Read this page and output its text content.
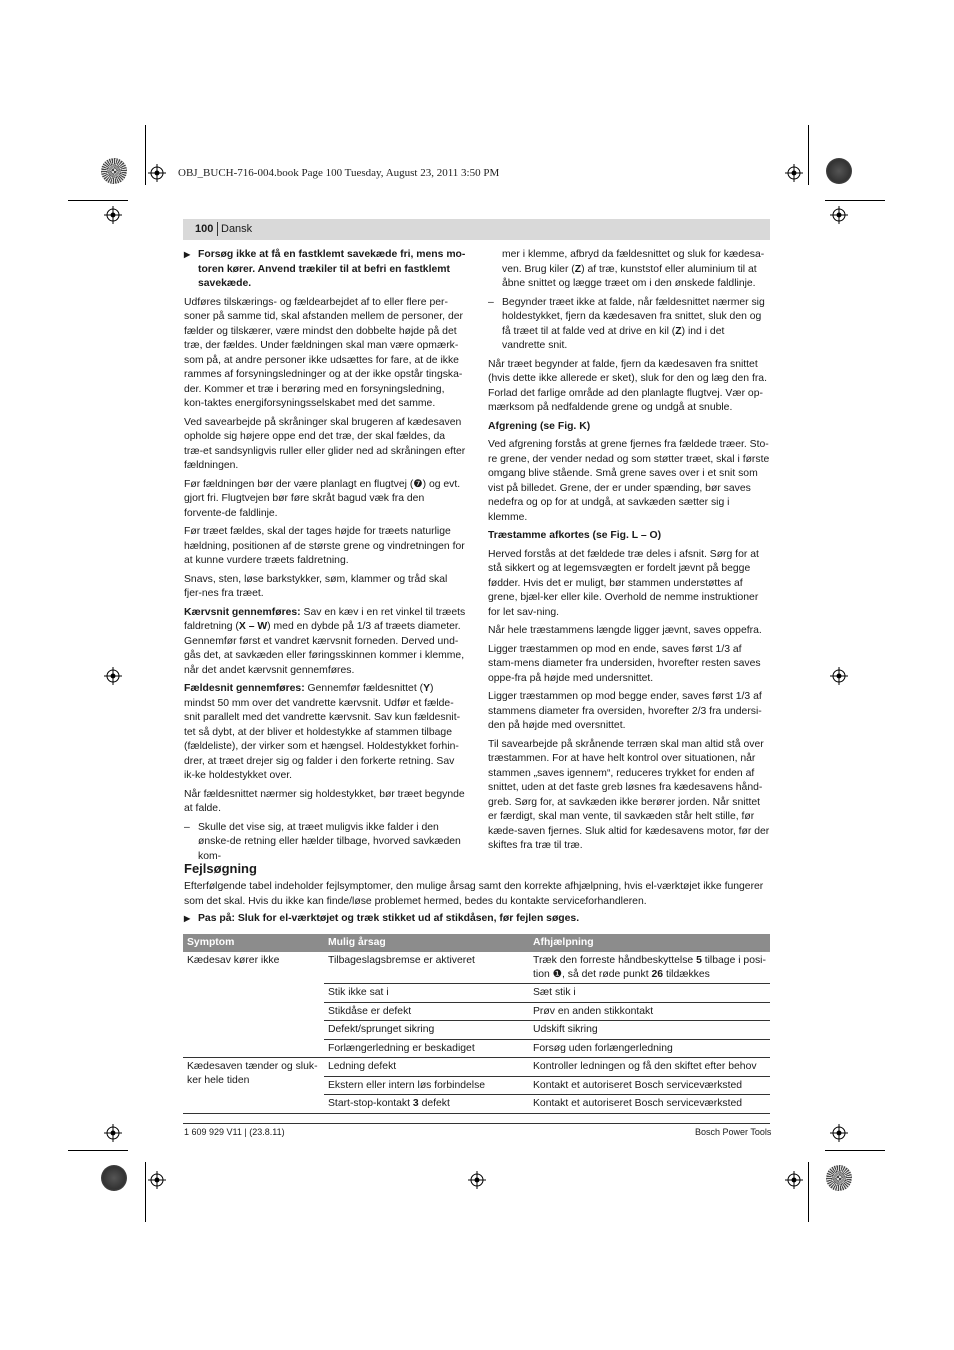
OBJ_BUCH-716-004.book Page 100 Tuesday, August 23, 2011 3:50 PM
100 Dansk

▶ Forsøg ikke at få en fastklemt savekæde fri, mens mo-toren kører. Anvend trækiler til at befri en fastklemt savekæde.

Udføres tilskærings- og fældearbejdet af to eller flere per-soner på samme tid, skal afstanden mellem de personer, der fælder og tilskærer, være mindst den dobbelte højde på det træ, der fældes. Under fældningen skal man være opmærk-som på, at andre personer ikke udsættes for fare, at de ikke rammes af forsyningsledninger og at der ikke opstår tingska-der. Kommer et træ i berøring med en forsyningsledning, kon-taktes energiforsyningsselskabet med det samme.

Ved savearbejde på skråninger skal brugeren af kædesaven opholde sig højere oppe end det træ, der skal fældes, da træ-et sandsynligvis ruller eller glider ned ad skråningen efter fældningen.

Før fældningen bør der være planlagt en flugtvej (❼) og evt. gjort fri. Flugtvejen bør føre skråt bagud væk fra den forvente-de faldlinje.

Før træet fældes, skal der tages højde for træets naturlige hældning, positionen af de største grene og vindretningen for at kunne vurdere træets faldretning.

Snavs, sten, løse barkstykker, søm, klammer og tråd skal fjer-nes fra træet.

Kærvsnit gennemføres: Sav en kæv i en ret vinkel til træets faldretning (X – W) med en dybde på 1/3 af træets diameter. Gennemfør først et vandret kærvsnit forneden. Derved und-gås det, at savkæden eller føringsskinnen kommer i klemme, når det andet kærvsnit gennemføres.

Fældesnit gennemføres: Gennemfør fældesnittet (Y) mindst 50 mm over det vandrette kærvsnit. Udfør et fælde-snit parallelt med det vandrette kærvsnit. Sav kun fældesnit-tet så dybt, at der bliver et holdestykke af stammen tilbage (fældeliste), der virker som et hængsel. Holdestykket forhin-drer, at træet drejer sig og falder i den forkerte retning. Sav ik-ke holdestykket over.

Når fældesnittet nærmer sig holdestykket, bør træet begynde at falde.

– Skulle det vise sig, at træet muligvis ikke falder i den ønske-de retning eller hælder tilbage, hvorved savkæden kom-

mer i klemme, afbryd da fældesnittet og sluk for kædesa-ven. Brug kiler (Z) af træ, kunststof eller aluminium til at åbne snittet og lægge træet om i den ønskede faldlinje.

– Begynder træet ikke at falde, når fældesnittet nærmer sig holdestykket, fjern da kædesaven fra snittet, sluk den og få træet til at falde ved at drive en kil (Z) ind i det vandrette snit.

Når træet begynder at falde, fjern da kædesaven fra snittet (hvis dette ikke allerede er sket), sluk for den og læg den fra. Forlad det farlige område ad den planlagte flugtvej. Vær op-mærksom på nedfaldende grene og undgå at snuble.

Afgrening (se Fig. K)

Ved afgrening forstås at grene fjernes fra fældede træer. Sto-re grene, der vender nedad og som støtter træet, skal i første omgang blive stående. Små grene saves over i et snit som vist på billedet. Grene, der er under spænding, bør saves nedefra og op for at undgå, at savkæden sætter sig i klemme.

Træstamme afkortes (se Fig. L – O)

Herved forstås at det fældede træ deles i afsnit. Sørg for at stå sikkert og at legemsvægten er fordelt jævnt på begge fødder. Hvis det er muligt, bør stammen understøttes af grene, bjæl-ker eller kile. Overhold de nemme instruktioner for let sav-ning.

Når hele træstammens længde ligger jævnt, saves oppefra.

Ligger træstammen op mod en ende, saves først 1/3 af stam-mens diameter fra undersiden, hvorefter resten saves oppe-fra på højde med undersnittet.

Ligger træstammen op mod begge ender, saves først 1/3 af stammens diameter fra oversiden, hvorefter 2/3 fra undersi-den på højde med oversnittet.

Til savearbejde på skrånende terræn skal man altid stå over træstammen. For at have helt kontrol over situationen, når stammen „saves igennem“, reduceres trykket for enden af snittet, uden at det faste greb løsnes fra kædesavens hånd-greb. Sørg for, at savkæden ikke berører jorden. Når snittet er færdigt, skal man vente, til savkæden står helt stille, før kæde-saven fjernes. Sluk altid for kædesavens motor, før der skiftes fra træ til træ.

Fejlsøgning
Efterfølgende tabel indeholder fejlsymptomer, den mulige årsag samt den korrekte afhjælpning, hvis el-værktøjet ikke fungerer som det skal. Hvis du ikke kan finde/løse problemet hermed, bedes du kontakte serviceforhandleren.
▶ Pas på: Sluk for el-værktøjet og træk stikket ud af stikdåsen, før fejlen søges.
Symptom	Mulig årsag	Afhjælpning
Kædesav kører ikke	Tilbageslagsbremse er aktiveret	Træk den forreste håndbeskyttelse 5 tilbage i posi-tion ❶, så det røde punkt 26 tildækkes
	Stik ikke sat i	Sæt stik i
	Stikdåse er defekt	Prøv en anden stikkontakt
	Defekt/sprunget sikring	Udskift sikring
	Forlængerledning er beskadiget	Forsøg uden forlængerledning
Kædesaven tænder og sluk-ker hele tiden	Ledning defekt	Kontroller ledningen og få den skiftet efter behov
	Ekstern eller intern løs forbindelse	Kontakt et autoriseret Bosch serviceværksted
	Start-stop-kontakt 3 defekt	Kontakt et autoriseret Bosch serviceværksted
1 609 929 V11 | (23.8.11)	Bosch Power Tools
